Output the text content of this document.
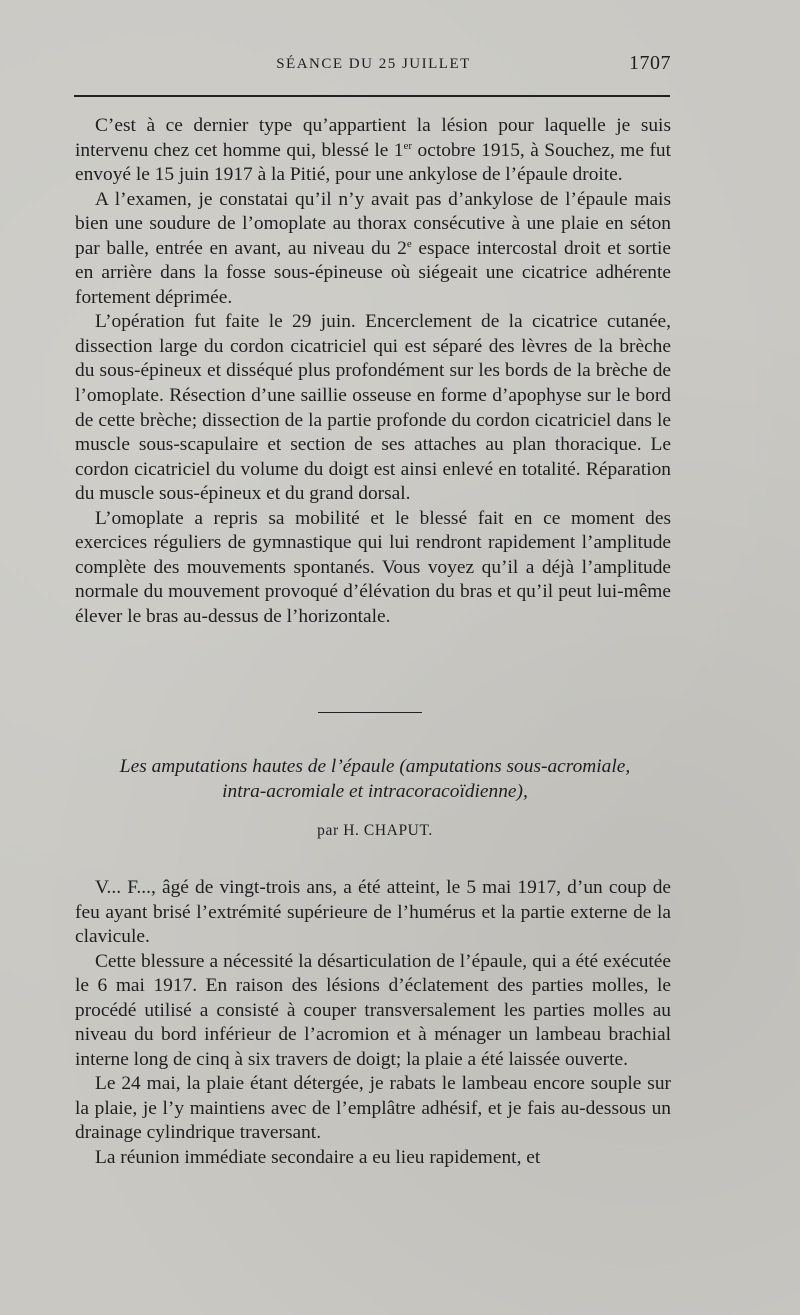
SÉANCE DU 25 JUILLET	1707

C’est à ce dernier type qu’appartient la lésion pour laquelle je suis intervenu chez cet homme qui, blessé le 1er octobre 1915, à Souchez, me fut envoyé le 15 juin 1917 à la Pitié, pour une ankylose de l’épaule droite.

A l’examen, je constatai qu’il n’y avait pas d’ankylose de l’épaule mais bien une soudure de l’omoplate au thorax consécutive à une plaie en séton par balle, entrée en avant, au niveau du 2e espace intercostal droit et sortie en arrière dans la fosse sous-épineuse où siégeait une cicatrice adhérente fortement déprimée.

L’opération fut faite le 29 juin. Encerclement de la cicatrice cutanée, dissection large du cordon cicatriciel qui est séparé des lèvres de la brèche du sous-épineux et disséqué plus profondément sur les bords de la brèche de l’omoplate. Résection d’une saillie osseuse en forme d’apophyse sur le bord de cette brèche; dissection de la partie profonde du cordon cicatriciel dans le muscle sous-scapulaire et section de ses attaches au plan thoracique. Le cordon cicatriciel du volume du doigt est ainsi enlevé en totalité. Réparation du muscle sous-épineux et du grand dorsal.

L’omoplate a repris sa mobilité et le blessé fait en ce moment des exercices réguliers de gymnastique qui lui rendront rapidement l’amplitude complète des mouvements spontanés. Vous voyez qu’il a déjà l’amplitude normale du mouvement provoqué d’élévation du bras et qu’il peut lui-même élever le bras au-dessus de l’horizontale.

Les amputations hautes de l’épaule (amputations sous-acromiale,
intra-acromiale et intracoracoïdienne),
par H. CHAPUT.

V... F..., âgé de vingt-trois ans, a été atteint, le 5 mai 1917, d’un coup de feu ayant brisé l’extrémité supérieure de l’humérus et la partie externe de la clavicule.

Cette blessure a nécessité la désarticulation de l’épaule, qui a été exécutée le 6 mai 1917. En raison des lésions d’éclatement des parties molles, le procédé utilisé a consisté à couper transversalement les parties molles au niveau du bord inférieur de l’acromion et à ménager un lambeau brachial interne long de cinq à six travers de doigt; la plaie a été laissée ouverte.

Le 24 mai, la plaie étant détergée, je rabats le lambeau encore souple sur la plaie, je l’y maintiens avec de l’emplâtre adhésif, et je fais au-dessous un drainage cylindrique traversant.

La réunion immédiate secondaire a eu lieu rapidement, et
